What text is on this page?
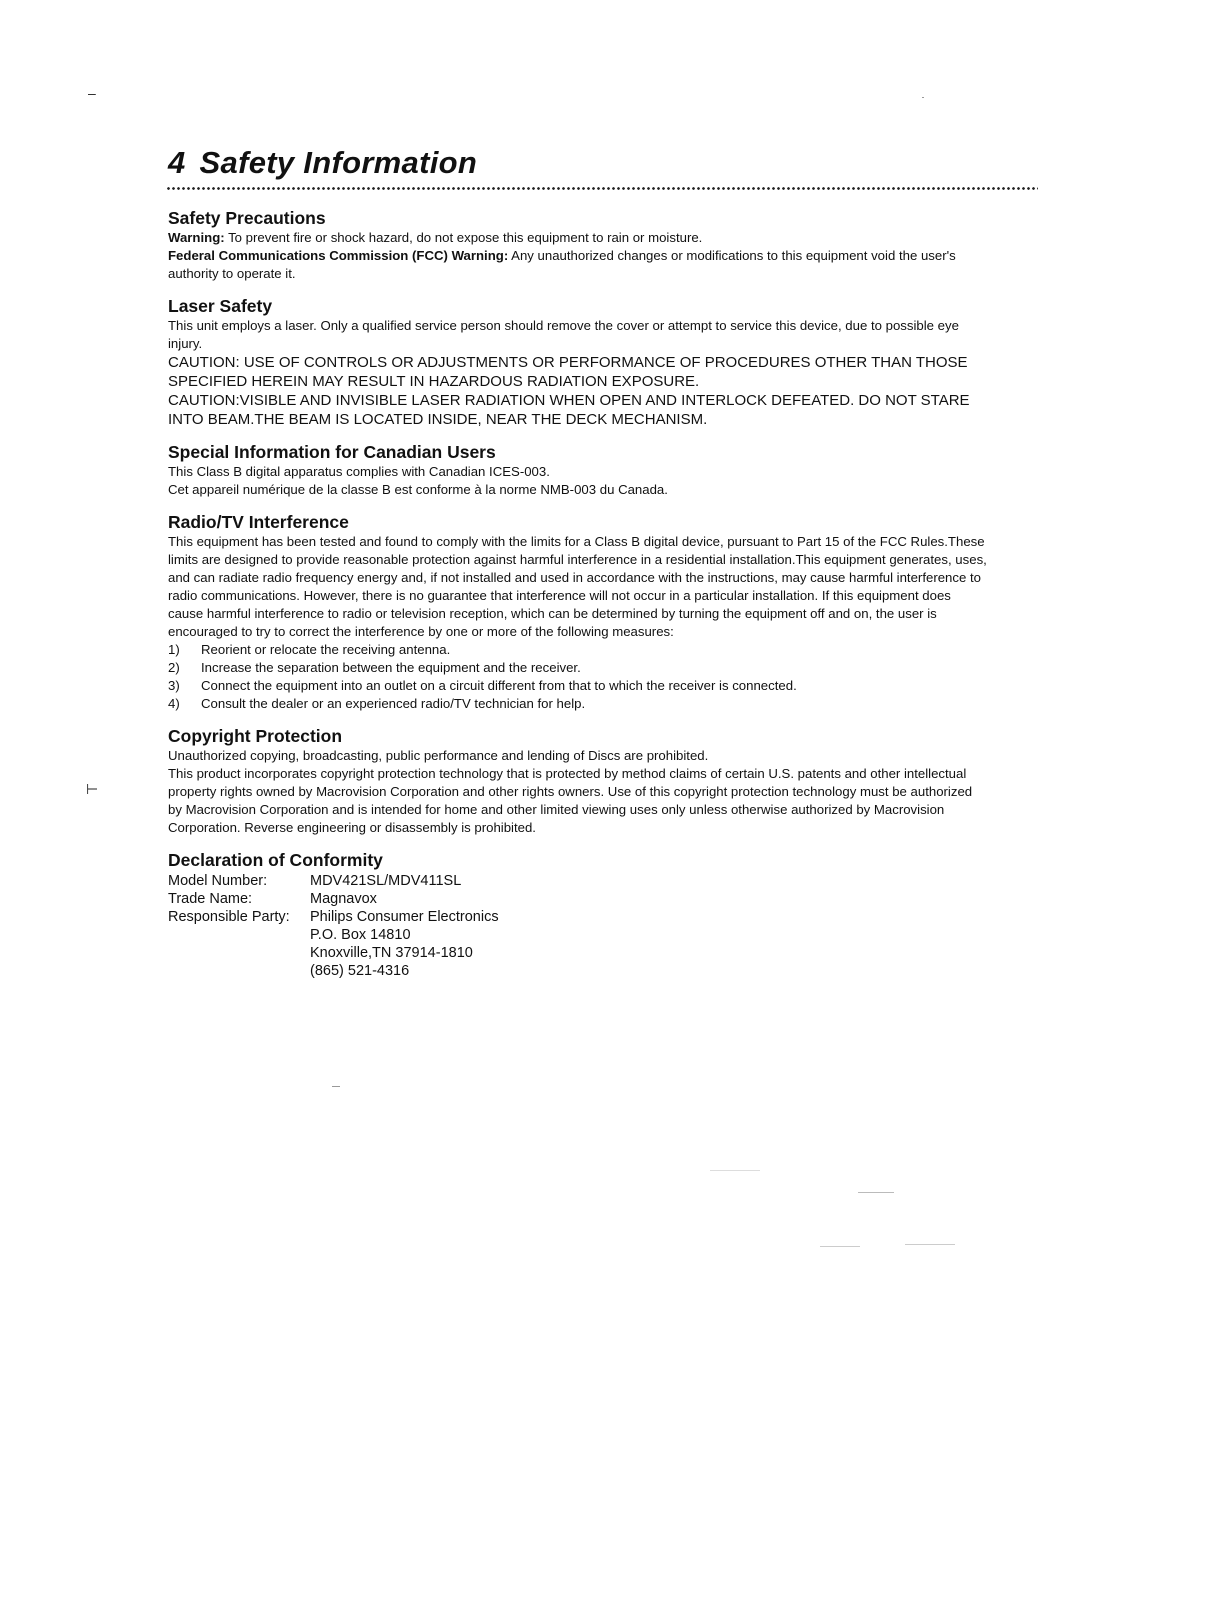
–
⊢
4 Safety Information
Safety Precautions

Warning: To prevent fire or shock hazard, do not expose this equipment to rain or moisture.

Federal Communications Commission (FCC) Warning: Any unauthorized changes or modifications to this equipment void the user's authority to operate it.

Laser Safety

This unit employs a laser. Only a qualified service person should remove the cover or attempt to service this device, due to possible eye injury.

CAUTION: USE OF CONTROLS OR ADJUSTMENTS OR PERFORMANCE OF PROCEDURES OTHER THAN THOSE SPECIFIED HEREIN MAY RESULT IN HAZARDOUS RADIATION EXPOSURE.

CAUTION:VISIBLE AND INVISIBLE LASER RADIATION WHEN OPEN AND INTERLOCK DEFEATED. DO NOT STARE INTO BEAM.THE BEAM IS LOCATED INSIDE, NEAR THE DECK MECHANISM.

Special Information for Canadian Users

This Class B digital apparatus complies with Canadian ICES-003.

Cet appareil numérique de la classe B est conforme à la norme NMB-003 du Canada.

Radio/TV Interference

This equipment has been tested and found to comply with the limits for a Class B digital device, pursuant to Part 15 of the FCC Rules.These limits are designed to provide reasonable protection against harmful interference in a residential installation.This equipment generates, uses, and can radiate radio frequency energy and, if not installed and used in accordance with the instructions, may cause harmful interference to radio communications. However, there is no guarantee that interference will not occur in a particular installation. If this equipment does cause harmful interference to radio or television reception, which can be determined by turning the equipment off and on, the user is encouraged to try to correct the interference by one or more of the following measures:

1)	Reorient or relocate the receiving antenna.
2)	Increase the separation between the equipment and the receiver.
3)	Connect the equipment into an outlet on a circuit different from that to which the receiver is connected.
4)	Consult the dealer or an experienced radio/TV technician for help.
Copyright Protection

Unauthorized copying, broadcasting, public performance and lending of Discs are prohibited.

This product incorporates copyright protection technology that is protected by method claims of certain U.S. patents and other intellectual property rights owned by Macrovision Corporation and other rights owners. Use of this copyright protection technology must be authorized by Macrovision Corporation and is intended for home and other limited viewing uses only unless otherwise authorized by Macrovision Corporation. Reverse engineering or disassembly is prohibited.

Declaration of Conformity
Model Number:	MDV421SL/MDV411SL
Trade Name:	Magnavox
Responsible Party:	Philips Consumer Electronics
P.O. Box 14810
Knoxville,TN 37914-1810
(865) 521-4316
